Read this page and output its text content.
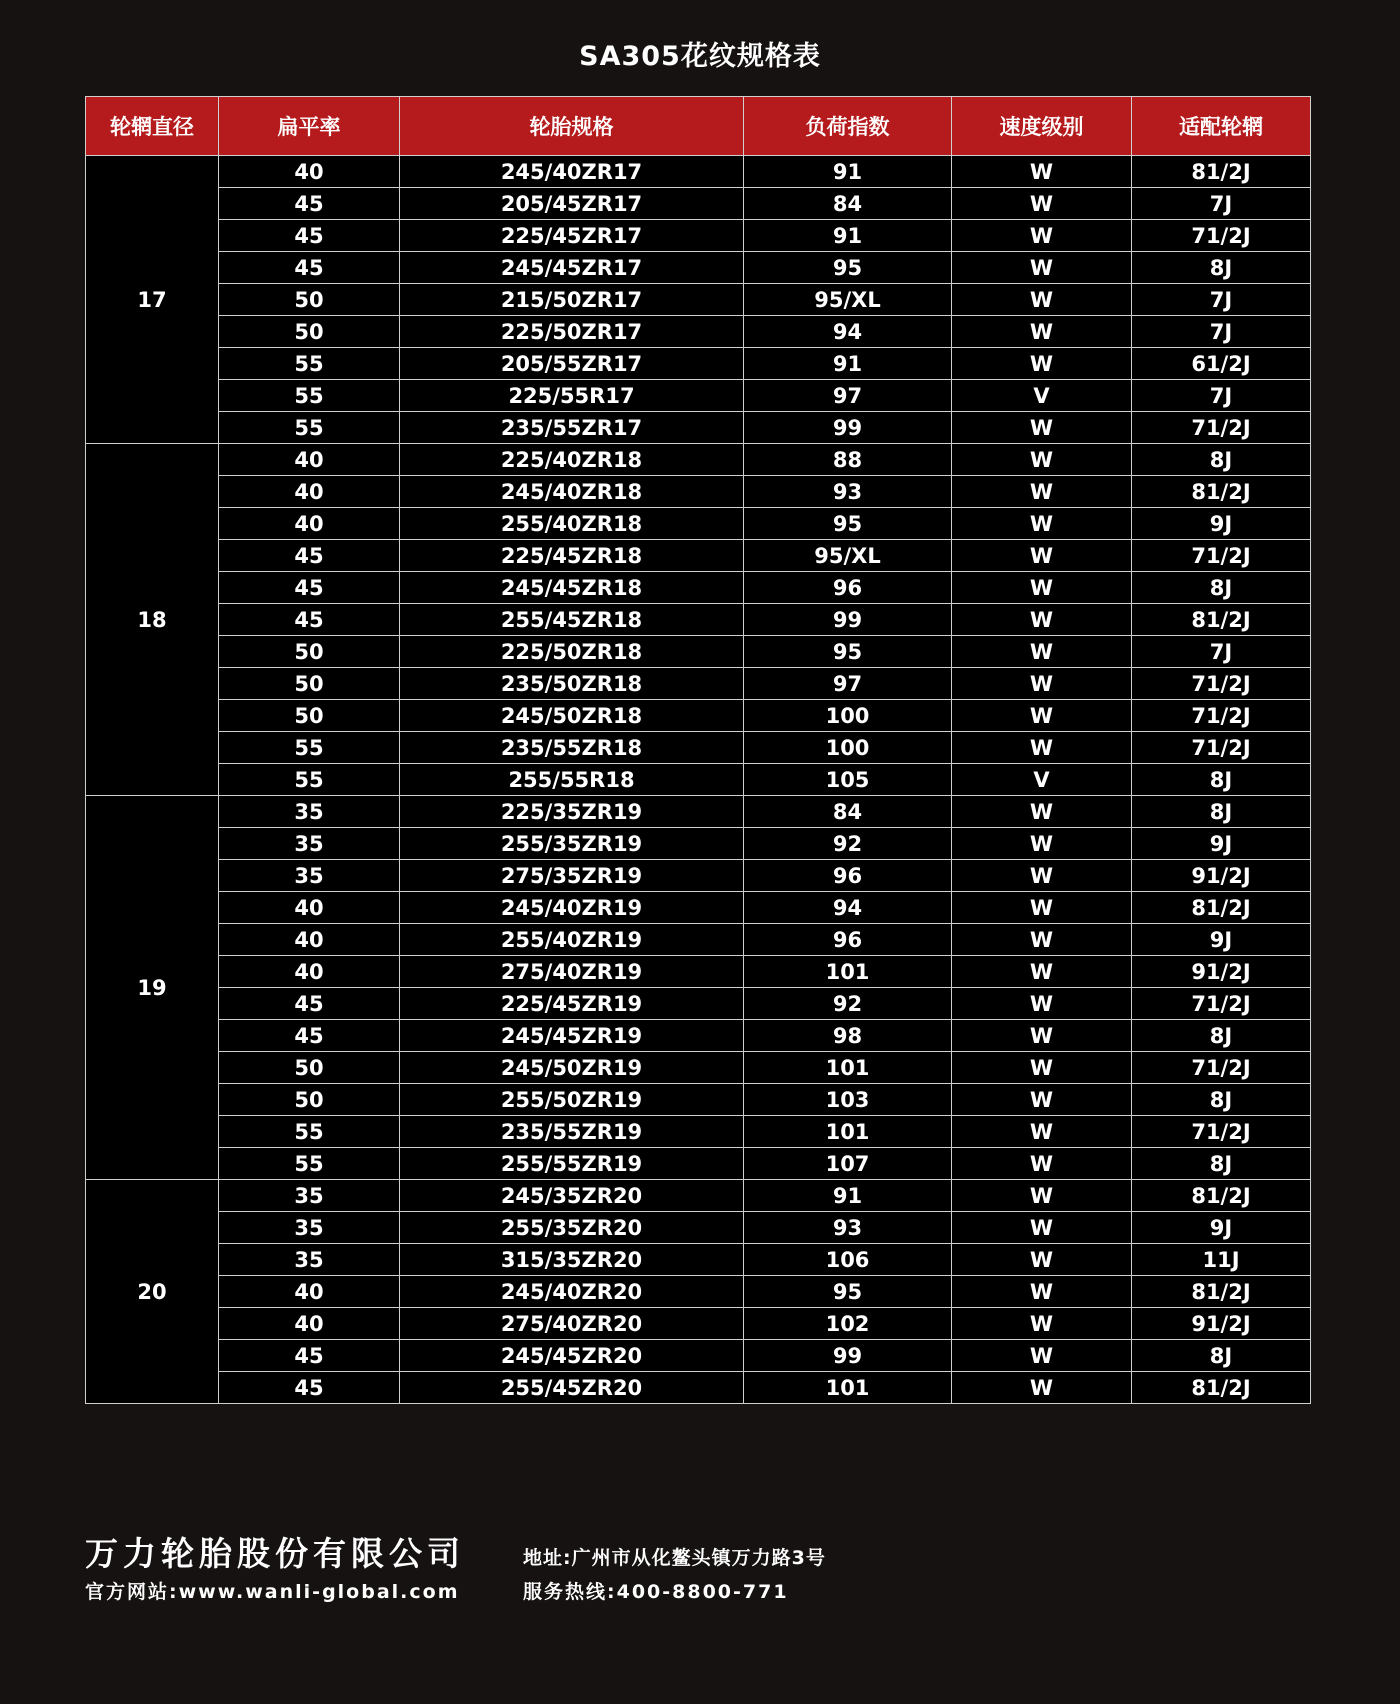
SA305花纹规格表
轮辋直径	扁平率	轮胎规格	负荷指数	速度级别	适配轮辋
17	40	245/40ZR17	91	W	81/2J
	45	205/45ZR17	84	W	7J
	45	225/45ZR17	91	W	71/2J
	45	245/45ZR17	95	W	8J
	50	215/50ZR17	95/XL	W	7J
	50	225/50ZR17	94	W	7J
	55	205/55ZR17	91	W	61/2J
	55	225/55R17	97	V	7J
	55	235/55ZR17	99	W	71/2J
18	40	225/40ZR18	88	W	8J
	40	245/40ZR18	93	W	81/2J
	40	255/40ZR18	95	W	9J
	45	225/45ZR18	95/XL	W	71/2J
	45	245/45ZR18	96	W	8J
	45	255/45ZR18	99	W	81/2J
	50	225/50ZR18	95	W	7J
	50	235/50ZR18	97	W	71/2J
	50	245/50ZR18	100	W	71/2J
	55	235/55ZR18	100	W	71/2J
	55	255/55R18	105	V	8J
19	35	225/35ZR19	84	W	8J
	35	255/35ZR19	92	W	9J
	35	275/35ZR19	96	W	91/2J
	40	245/40ZR19	94	W	81/2J
	40	255/40ZR19	96	W	9J
	40	275/40ZR19	101	W	91/2J
	45	225/45ZR19	92	W	71/2J
	45	245/45ZR19	98	W	8J
	50	245/50ZR19	101	W	71/2J
	50	255/50ZR19	103	W	8J
	55	235/55ZR19	101	W	71/2J
	55	255/55ZR19	107	W	8J
20	35	245/35ZR20	91	W	81/2J
	35	255/35ZR20	93	W	9J
	35	315/35ZR20	106	W	11J
	40	245/40ZR20	95	W	81/2J
	40	275/40ZR20	102	W	91/2J
	45	245/45ZR20	99	W	8J
	45	255/45ZR20	101	W	81/2J
万力轮胎股份有限公司	地址:广州市从化鳌头镇万力路3号
官方网站:www.wanli-global.com	服务热线:400-8800-771
